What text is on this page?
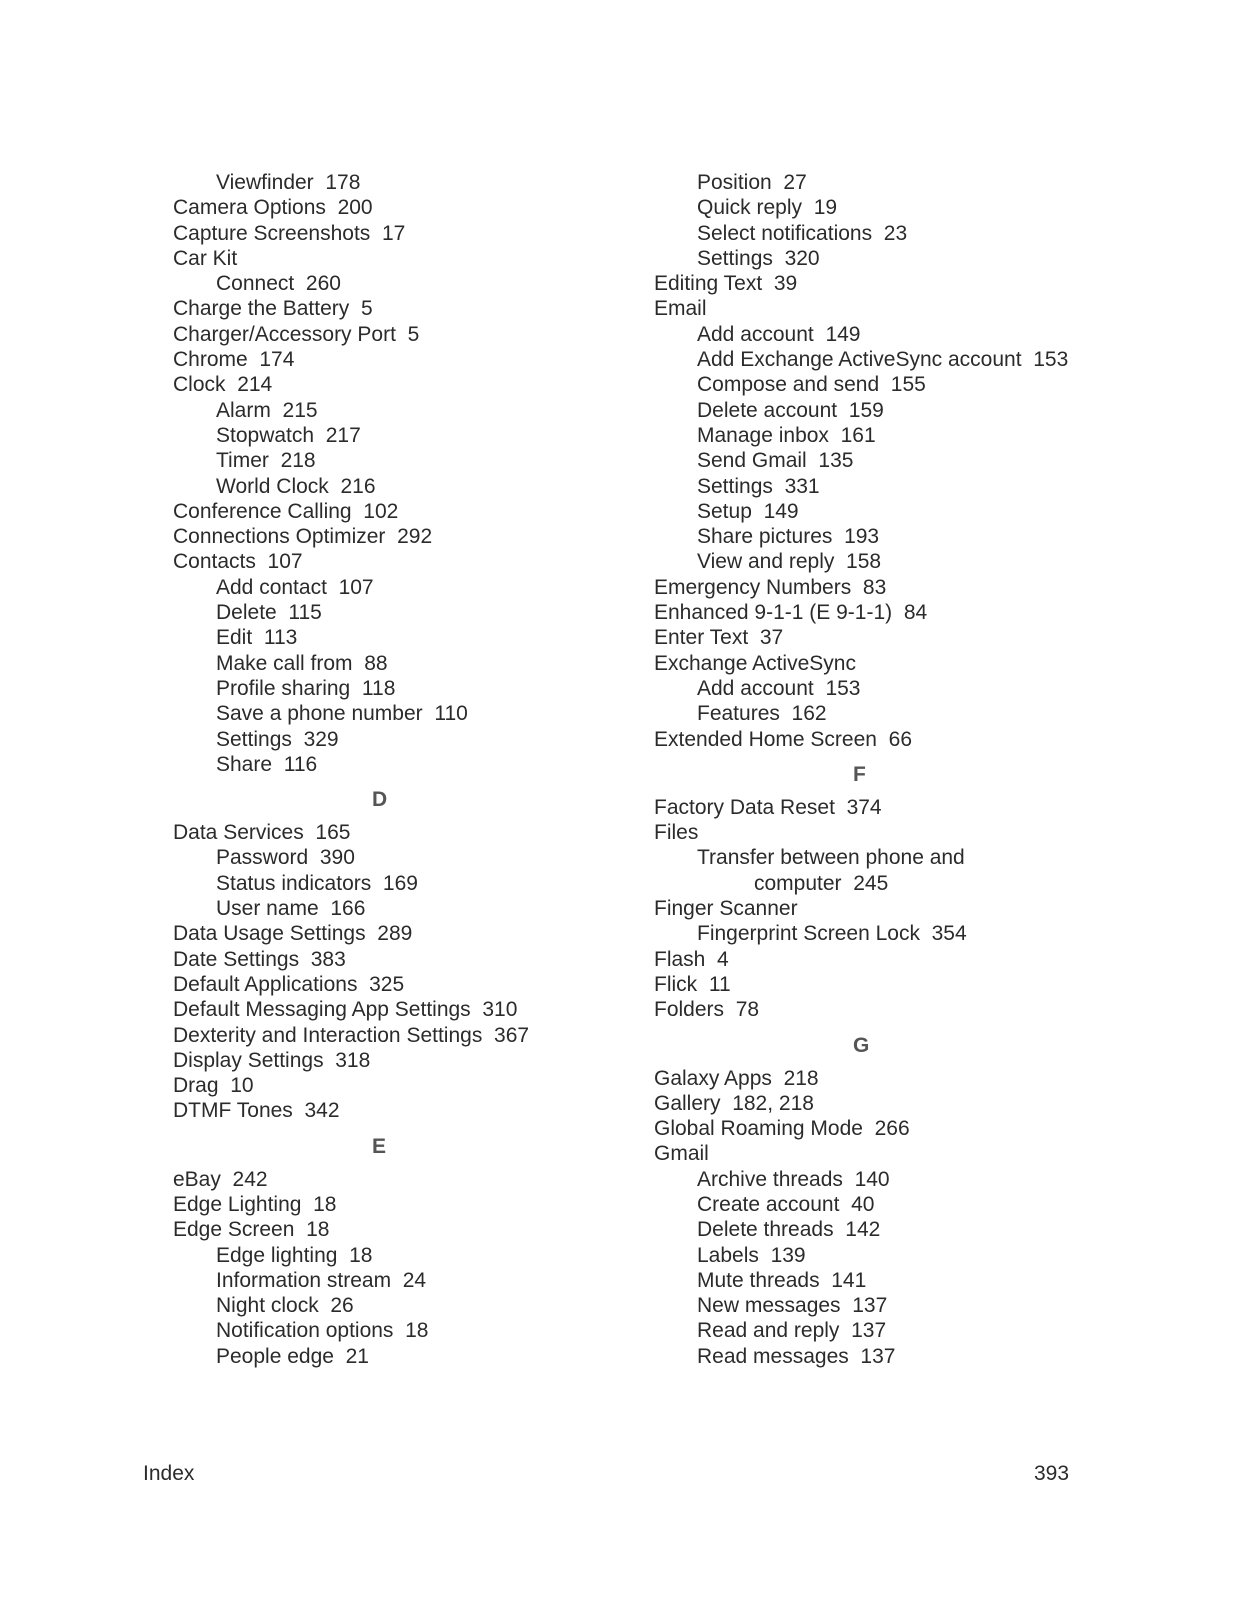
Viewfinder 178
Camera Options 200
Capture Screenshots 17
Car Kit
Connect 260
Charge the Battery 5
Charger/Accessory Port 5
Chrome 174
Clock 214
Alarm 215
Stopwatch 217
Timer 218
World Clock 216
Conference Calling 102
Connections Optimizer 292
Contacts 107
Add contact 107
Delete 115
Edit 113
Make call from 88
Profile sharing 118
Save a phone number 110
Settings 329
Share 116
D
Data Services 165
Password 390
Status indicators 169
User name 166
Data Usage Settings 289
Date Settings 383
Default Applications 325
Default Messaging App Settings 310
Dexterity and Interaction Settings 367
Display Settings 318
Drag 10
DTMF Tones 342
E
eBay 242
Edge Lighting 18
Edge Screen 18
Edge lighting 18
Information stream 24
Night clock 26
Notification options 18
People edge 21
Position 27
Quick reply 19
Select notifications 23
Settings 320
Editing Text 39
Email
Add account 149
Add Exchange ActiveSync account 153
Compose and send 155
Delete account 159
Manage inbox 161
Send Gmail 135
Settings 331
Setup 149
Share pictures 193
View and reply 158
Emergency Numbers 83
Enhanced 9-1-1 (E 9-1-1) 84
Enter Text 37
Exchange ActiveSync
Add account 153
Features 162
Extended Home Screen 66
F
Factory Data Reset 374
Files
Transfer between phone and
computer 245
Finger Scanner
Fingerprint Screen Lock 354
Flash 4
Flick 11
Folders 78
G
Galaxy Apps 218
Gallery 182, 218
Global Roaming Mode 266
Gmail
Archive threads 140
Create account 40
Delete threads 142
Labels 139
Mute threads 141
New messages 137
Read and reply 137
Read messages 137
Index	393
